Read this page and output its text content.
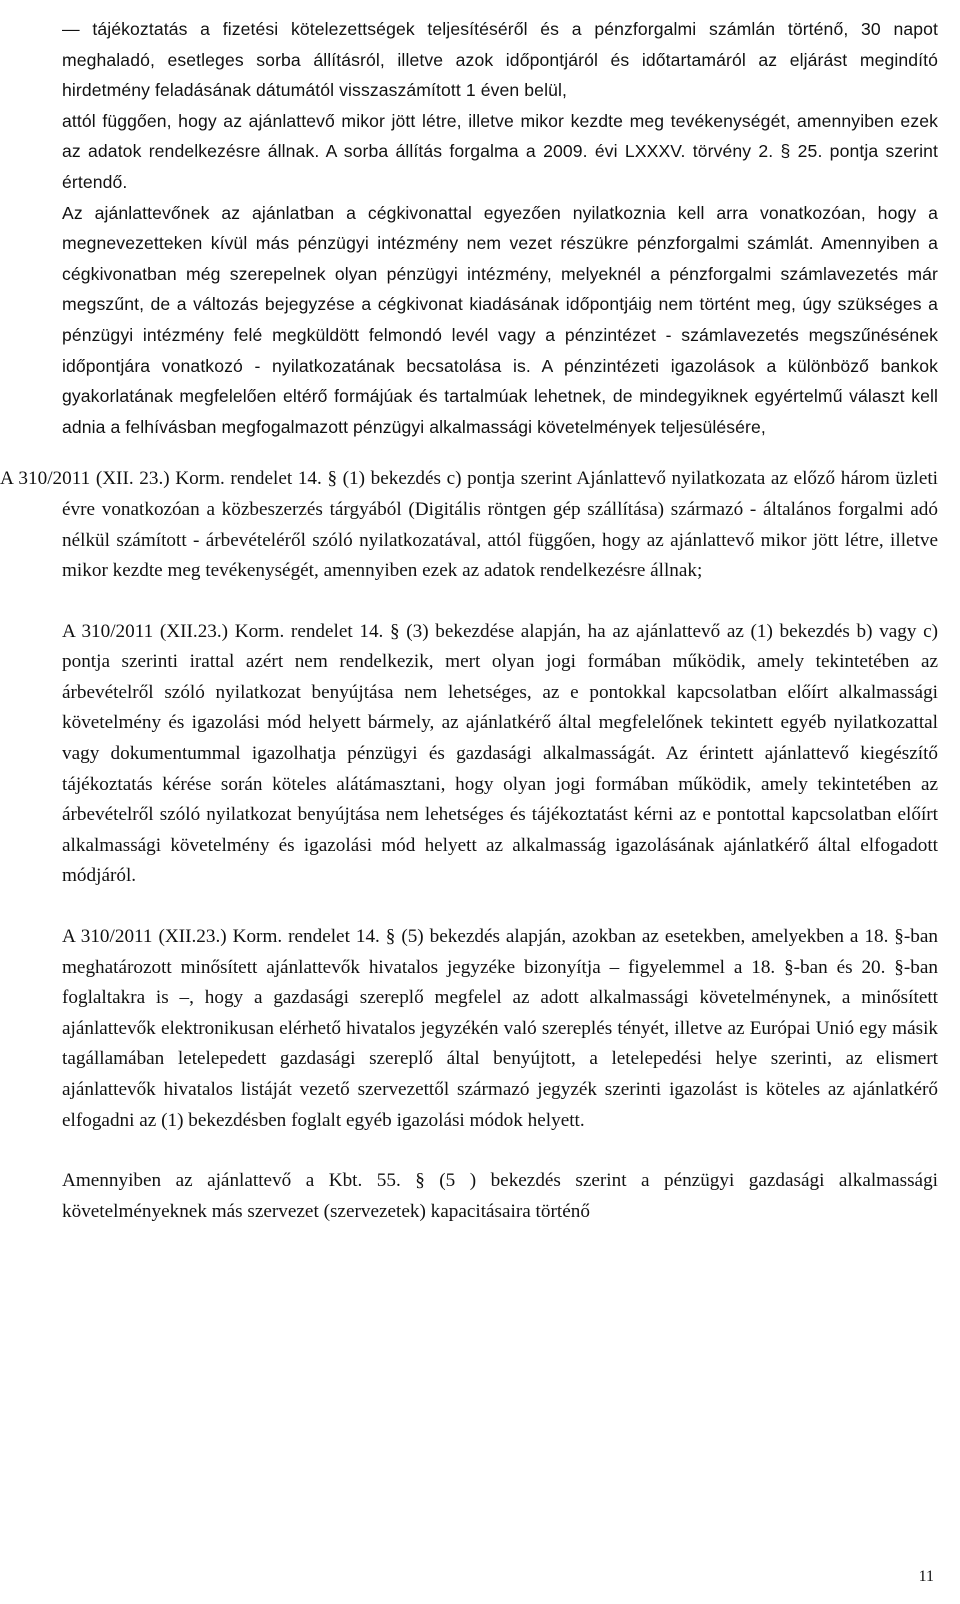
― tájékoztatás a fizetési kötelezettségek teljesítéséről és a pénzforgalmi számlán történő, 30 napot meghaladó, esetleges sorba állításról, illetve azok időpontjáról és időtartamáról az eljárást megindító hirdetmény feladásának dátumától visszaszámított 1 éven belül,

attól függően, hogy az ajánlattevő mikor jött létre, illetve mikor kezdte meg tevékenységét, amennyiben ezek az adatok rendelkezésre állnak. A sorba állítás forgalma a 2009. évi LXXXV. törvény 2. § 25. pontja szerint értendő.

Az ajánlattevőnek az ajánlatban a cégkivonattal egyezően nyilatkoznia kell arra vonatkozóan, hogy a megnevezetteken kívül más pénzügyi intézmény nem vezet részükre pénzforgalmi számlát. Amennyiben a cégkivonatban még szerepelnek olyan pénzügyi intézmény, melyeknél a pénzforgalmi számlavezetés már megszűnt, de a változás bejegyzése a cégkivonat kiadásának időpontjáig nem történt meg, úgy szükséges a pénzügyi intézmény felé megküldött felmondó levél vagy a pénzintézet - számlavezetés megszűnésének időpontjára vonatkozó - nyilatkozatának becsatolása is. A pénzintézeti igazolások a különböző bankok gyakorlatának megfelelően eltérő formájúak és tartalmúak lehetnek, de mindegyiknek egyértelmű választ kell adnia a felhívásban megfogalmazott pénzügyi alkalmassági követelmények teljesülésére,

A 310/2011 (XII. 23.) Korm. rendelet 14. § (1) bekezdés c) pontja szerint Ajánlattevő nyilatkozata az előző három üzleti évre vonatkozóan a közbeszerzés tárgyából (Digitális röntgen gép szállítása) származó - általános forgalmi adó nélkül számított - árbevételéről szóló nyilatkozatával, attól függően, hogy az ajánlattevő mikor jött létre, illetve mikor kezdte meg tevékenységét, amennyiben ezek az adatok rendelkezésre állnak;

A 310/2011 (XII.23.) Korm. rendelet 14. § (3) bekezdése alapján, ha az ajánlattevő az (1) bekezdés b) vagy c) pontja szerinti irattal azért nem rendelkezik, mert olyan jogi formában működik, amely tekintetében az árbevételről szóló nyilatkozat benyújtása nem lehetséges, az e pontokkal kapcsolatban előírt alkalmassági követelmény és igazolási mód helyett bármely, az ajánlatkérő által megfelelőnek tekintett egyéb nyilatkozattal vagy dokumentummal igazolhatja pénzügyi és gazdasági alkalmasságát. Az érintett ajánlattevő kiegészítő tájékoztatás kérése során köteles alátámasztani, hogy olyan jogi formában működik, amely tekintetében az árbevételről szóló nyilatkozat benyújtása nem lehetséges és tájékoztatást kérni az e pontottal kapcsolatban előírt alkalmassági követelmény és igazolási mód helyett az alkalmasság igazolásának ajánlatkérő által elfogadott módjáról.

A 310/2011 (XII.23.) Korm. rendelet 14. § (5) bekezdés alapján, azokban az esetekben, amelyekben a 18. §-ban meghatározott minősített ajánlattevők hivatalos jegyzéke bizonyítja – figyelemmel a 18. §-ban és 20. §-ban foglaltakra is –, hogy a gazdasági szereplő megfelel az adott alkalmassági követelménynek, a minősített ajánlattevők elektronikusan elérhető hivatalos jegyzékén való szereplés tényét, illetve az Európai Unió egy másik tagállamában letelepedett gazdasági szereplő által benyújtott, a letelepedési helye szerinti, az elismert ajánlattevők hivatalos listáját vezető szervezettől származó jegyzék szerinti igazolást is köteles az ajánlatkérő elfogadni az (1) bekezdésben foglalt egyéb igazolási módok helyett.

Amennyiben az ajánlattevő a Kbt. 55. § (5 ) bekezdés szerint a pénzügyi gazdasági alkalmassági követelményeknek más szervezet (szervezetek) kapacitásaira történő

11
